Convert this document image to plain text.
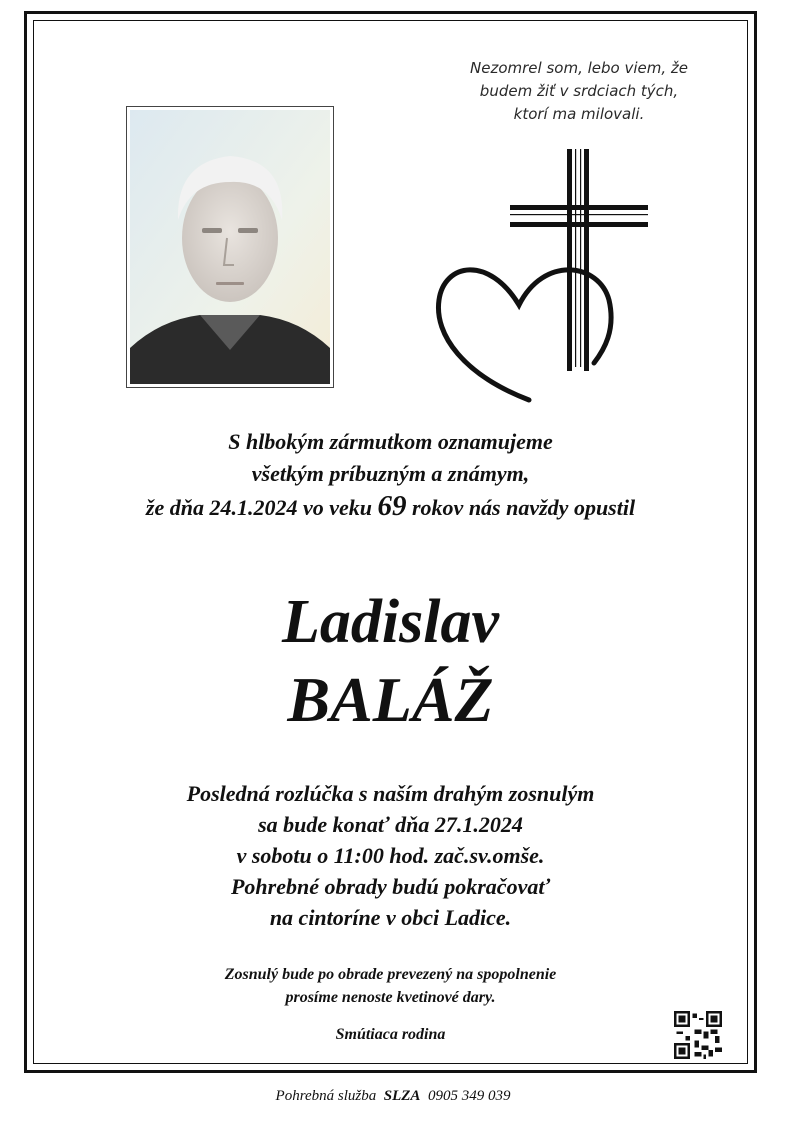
Nezomrel som, lebo viem, že
budem žiť v srdciach tých,
ktorí ma milovali.
S hlbokým zármutkom oznamujeme
všetkým príbuzným a známym,
že dňa 24.1.2024 vo veku 69 rokov nás navždy opustil
Ladislav
BALÁŽ
Posledná rozlúčka s naším drahým zosnulým
sa bude konať dňa 27.1.2024
v sobotu o 11:00 hod. zač.sv.omše.
Pohrebné obrady budú pokračovať
na cintoríne v obci Ladice.
Zosnulý bude po obrade prevezený na spopolnenie
prosíme nenoste kvetinové dary.
Smútiaca rodina
Pohrebná služba SLZA 0905 349 039
